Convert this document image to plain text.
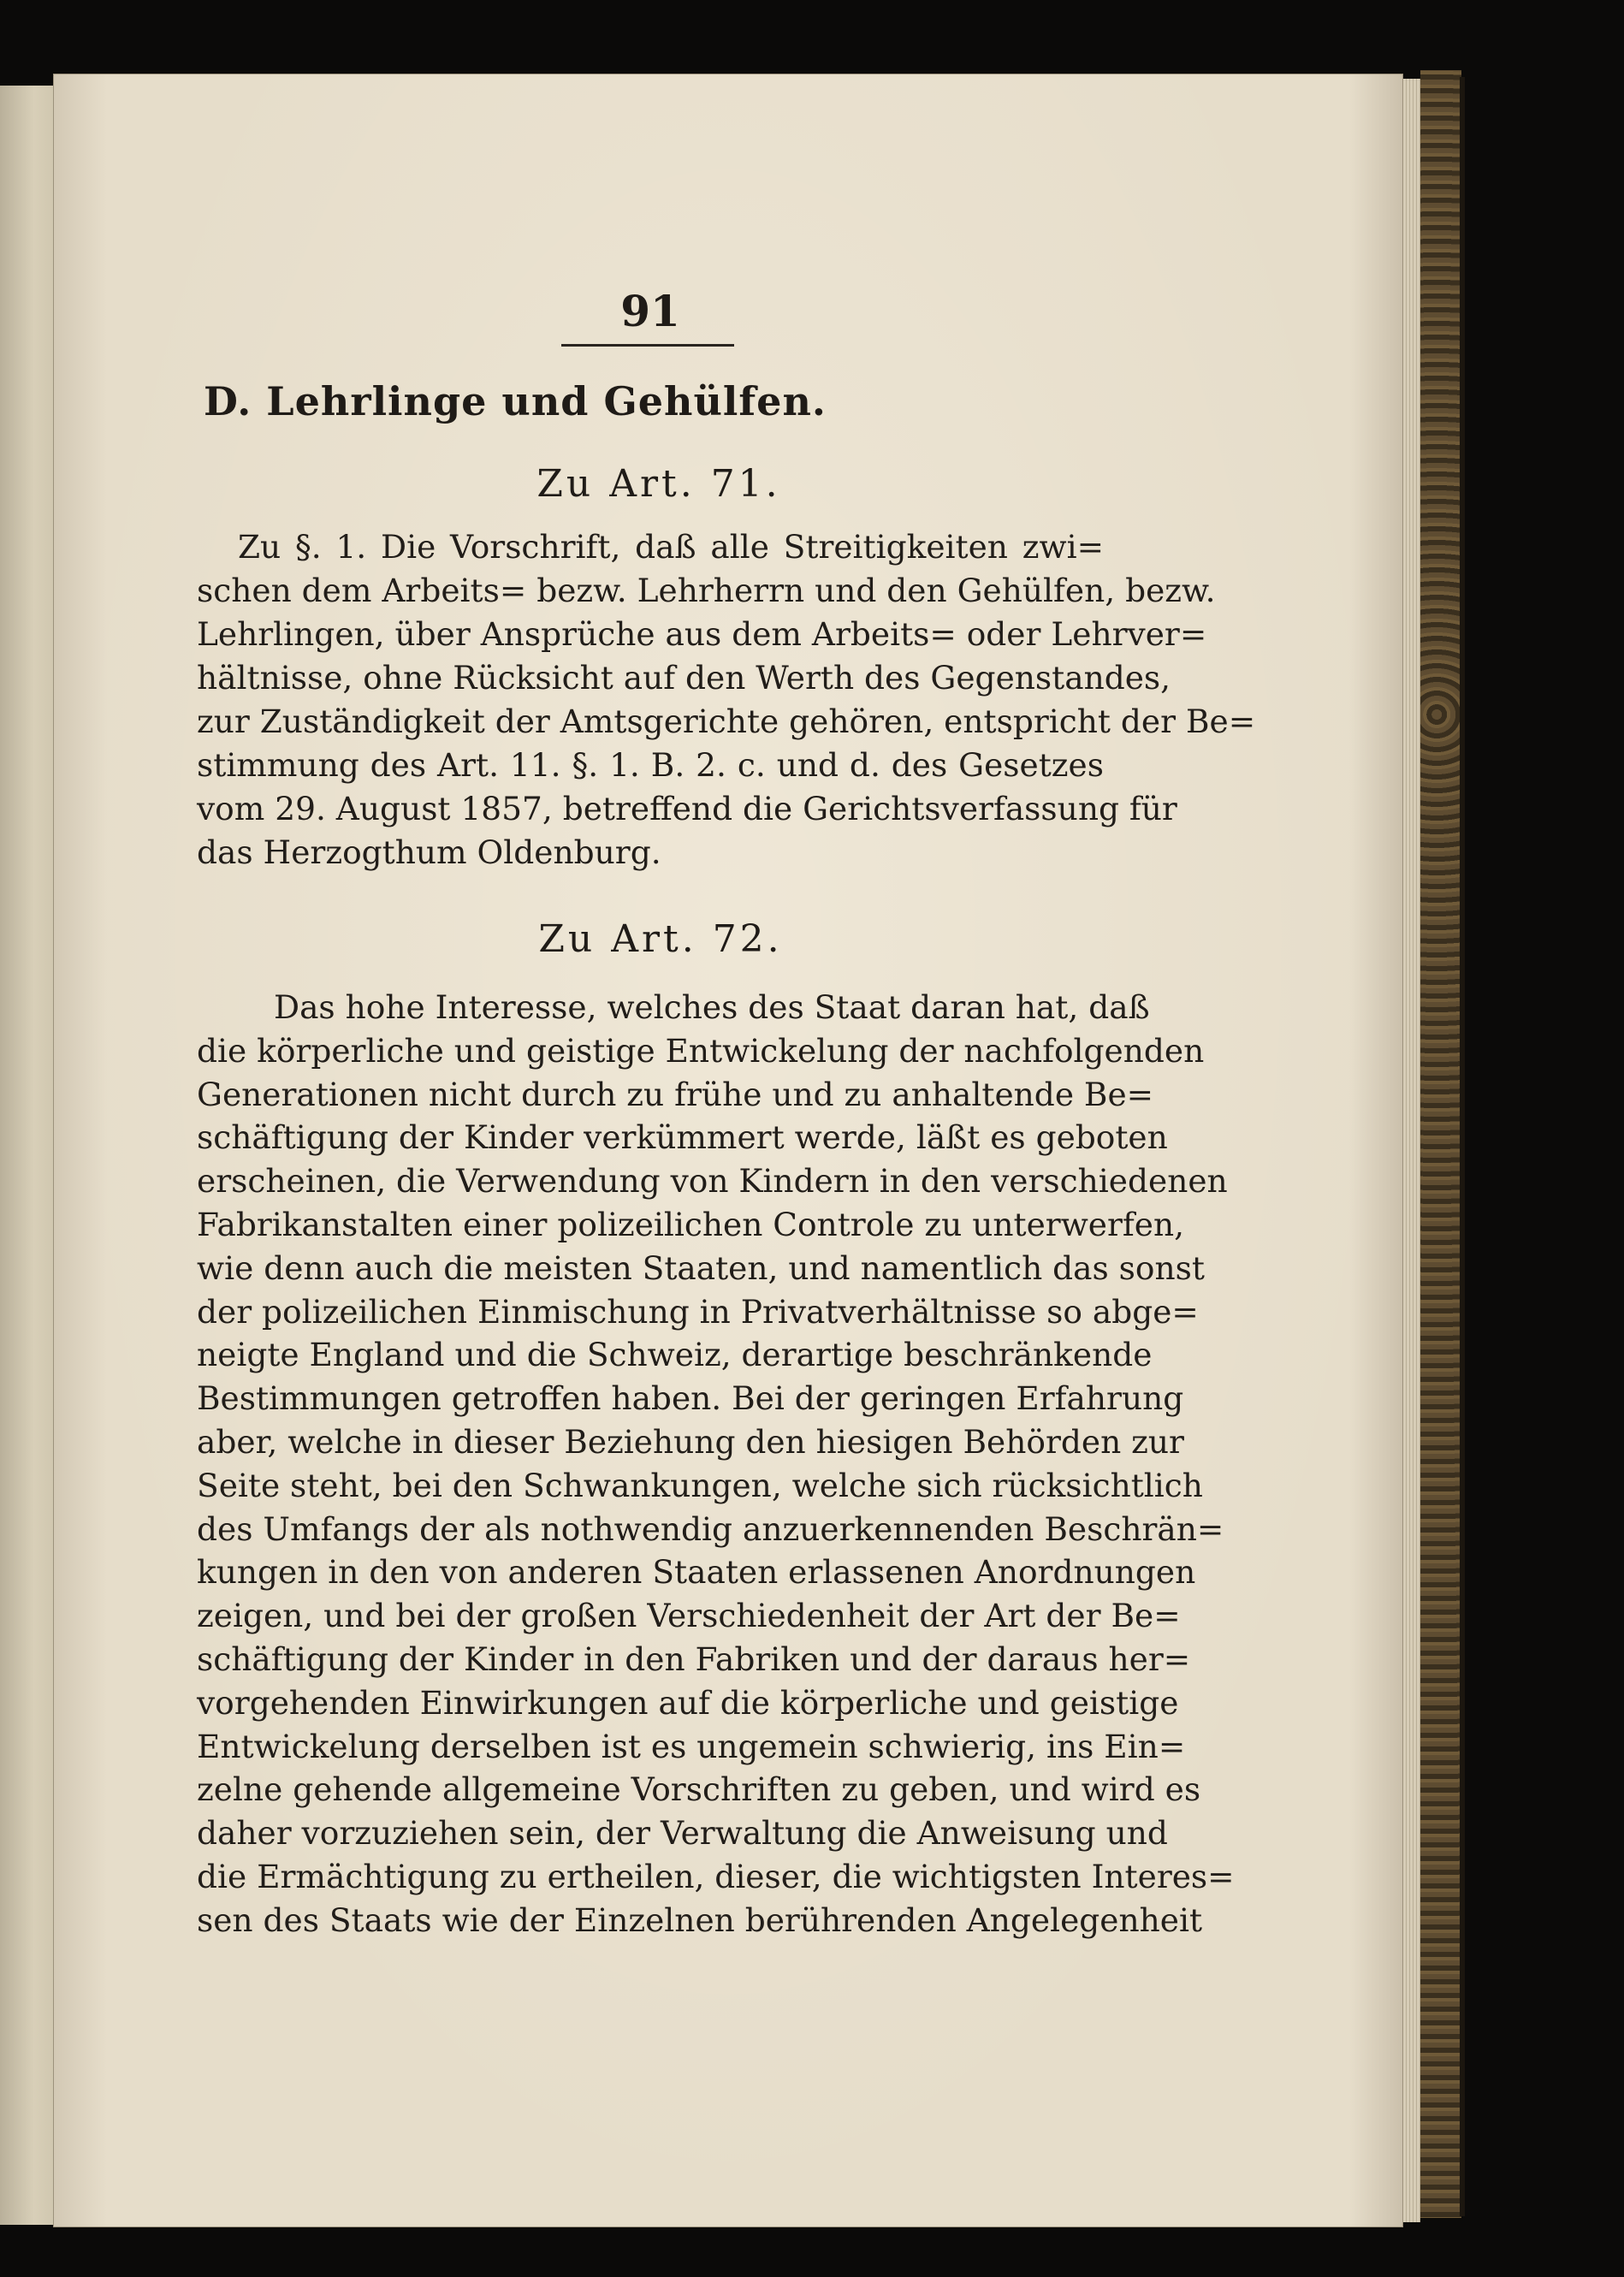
91
D. Lehrlinge und Gehülfen.
Zu Art. 71.
Zu §. 1. Die Vorschrift, daß alle Streitigkeiten zwi=
schen dem Arbeits= bezw. Lehrherrn und den Gehülfen, bezw.
Lehrlingen, über Ansprüche aus dem Arbeits= oder Lehrver=
hältnisse, ohne Rücksicht auf den Werth des Gegenstandes,
zur Zuständigkeit der Amtsgerichte gehören, entspricht der Be=
stimmung des Art. 11. §. 1. B. 2. c. und d. des Gesetzes
vom 29. August 1857, betreffend die Gerichtsverfassung für
das Herzogthum Oldenburg.
Zu Art. 72.
Das hohe Interesse, welches des Staat daran hat, daß
die körperliche und geistige Entwickelung der nachfolgenden
Generationen nicht durch zu frühe und zu anhaltende Be=
schäftigung der Kinder verkümmert werde, läßt es geboten
erscheinen, die Verwendung von Kindern in den verschiedenen
Fabrikanstalten einer polizeilichen Controle zu unterwerfen,
wie denn auch die meisten Staaten, und namentlich das sonst
der polizeilichen Einmischung in Privatverhältnisse so abge=
neigte England und die Schweiz, derartige beschränkende
Bestimmungen getroffen haben. Bei der geringen Erfahrung
aber, welche in dieser Beziehung den hiesigen Behörden zur
Seite steht, bei den Schwankungen, welche sich rücksichtlich
des Umfangs der als nothwendig anzuerkennenden Beschrän=
kungen in den von anderen Staaten erlassenen Anordnungen
zeigen, und bei der großen Verschiedenheit der Art der Be=
schäftigung der Kinder in den Fabriken und der daraus her=
vorgehenden Einwirkungen auf die körperliche und geistige
Entwickelung derselben ist es ungemein schwierig, ins Ein=
zelne gehende allgemeine Vorschriften zu geben, und wird es
daher vorzuziehen sein, der Verwaltung die Anweisung und
die Ermächtigung zu ertheilen, dieser, die wichtigsten Interes=
sen des Staats wie der Einzelnen berührenden Angelegenheit
